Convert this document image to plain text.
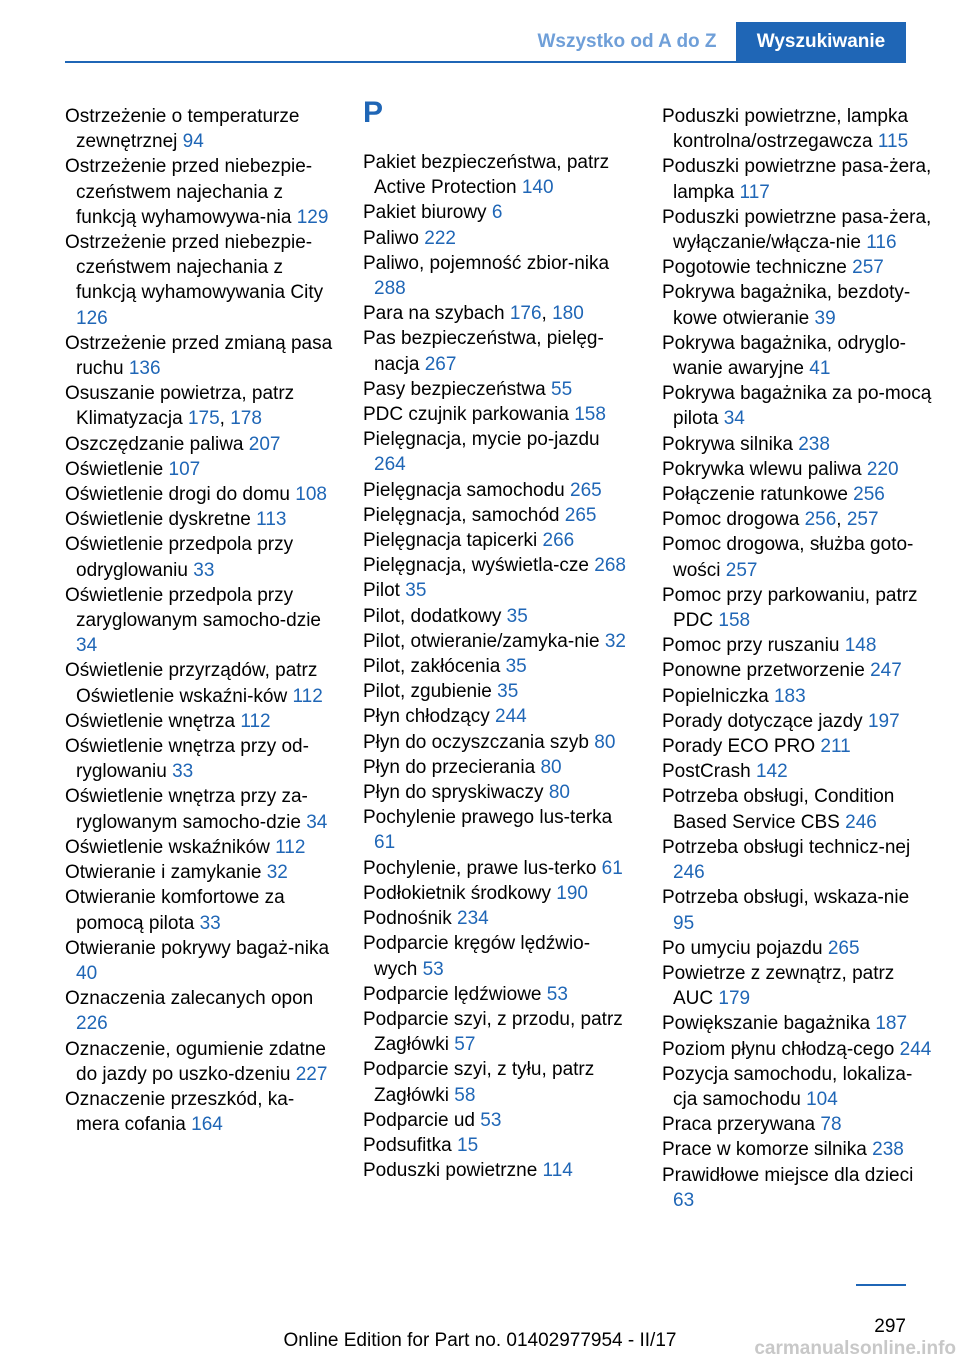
Wszystko od A do Z	Wyszukiwanie
Ostrzeżenie o temperaturze zewnętrznej 94
Ostrzeżenie przed niebezpie‐czeństwem najechania z funkcją wyhamowywa‐nia 129
Ostrzeżenie przed niebezpie‐czeństwem najechania z funkcją wyhamowywania City 126
Ostrzeżenie przed zmianą pasa ruchu 136
Osuszanie powietrza, patrz Klimatyzacja 175, 178
Oszczędzanie paliwa 207
Oświetlenie 107
Oświetlenie drogi do domu 108
Oświetlenie dyskretne 113
Oświetlenie przedpola przy odryglowaniu 33
Oświetlenie przedpola przy zaryglowanym samocho‐dzie 34
Oświetlenie przyrządów, patrz Oświetlenie wskaźni‐ków 112
Oświetlenie wnętrza 112
Oświetlenie wnętrza przy od‐ryglowaniu 33
Oświetlenie wnętrza przy za‐ryglowanym samocho‐dzie 34
Oświetlenie wskaźników 112
Otwieranie i zamykanie 32
Otwieranie komfortowe za pomocą pilota 33
Otwieranie pokrywy bagaż‐nika 40
Oznaczenia zalecanych opon 226
Oznaczenie, ogumienie zdatne do jazdy po uszko‐dzeniu 227
Oznaczenie przeszkód, ka‐mera cofania 164
P
Pakiet bezpieczeństwa, patrz Active Protection 140
Pakiet biurowy 6
Paliwo 222
Paliwo, pojemność zbior‐nika 288
Para na szybach 176, 180
Pas bezpieczeństwa, pielęg‐nacja 267
Pasy bezpieczeństwa 55
PDC czujnik parkowania 158
Pielęgnacja, mycie po‐jazdu 264
Pielęgnacja samochodu 265
Pielęgnacja, samochód 265
Pielęgnacja tapicerki 266
Pielęgnacja, wyświetla‐cze 268
Pilot 35
Pilot, dodatkowy 35
Pilot, otwieranie/zamyka‐nie 32
Pilot, zakłócenia 35
Pilot, zgubienie 35
Płyn chłodzący 244
Płyn do oczyszczania szyb 80
Płyn do przecierania 80
Płyn do spryskiwaczy 80
Pochylenie prawego lus‐terka 61
Pochylenie, prawe lus‐terko 61
Podłokietnik środkowy 190
Podnośnik 234
Podparcie kręgów lędźwio‐wych 53
Podparcie lędźwiowe 53
Podparcie szyi, z przodu, patrz Zagłówki 57
Podparcie szyi, z tyłu, patrz Zagłówki 58
Podparcie ud 53
Podsufitka 15
Poduszki powietrzne 114
Poduszki powietrzne, lampka kontrolna/ostrzegawcza 115
Poduszki powietrzne pasa‐żera, lampka 117
Poduszki powietrzne pasa‐żera, wyłączanie/włącza‐nie 116
Pogotowie techniczne 257
Pokrywa bagażnika, bezdoty‐kowe otwieranie 39
Pokrywa bagażnika, odryglo‐wanie awaryjne 41
Pokrywa bagażnika za po‐mocą pilota 34
Pokrywa silnika 238
Pokrywka wlewu paliwa 220
Połączenie ratunkowe 256
Pomoc drogowa 256, 257
Pomoc drogowa, służba goto‐wości 257
Pomoc przy parkowaniu, patrz PDC 158
Pomoc przy ruszaniu 148
Ponowne przetworzenie 247
Popielniczka 183
Porady dotyczące jazdy 197
Porady ECO PRO 211
PostCrash 142
Potrzeba obsługi, Condition Based Service CBS 246
Potrzeba obsługi technicz‐nej 246
Potrzeba obsługi, wskaza‐nie 95
Po umyciu pojazdu 265
Powietrze z zewnątrz, patrz AUC 179
Powiększanie bagażnika 187
Poziom płynu chłodzą‐cego 244
Pozycja samochodu, lokaliza‐cja samochodu 104
Praca przerywana 78
Prace w komorze silnika 238
Prawidłowe miejsce dla dzieci 63
297
Online Edition for Part no. 01402977954 - II/17	carmanualsonline.info
